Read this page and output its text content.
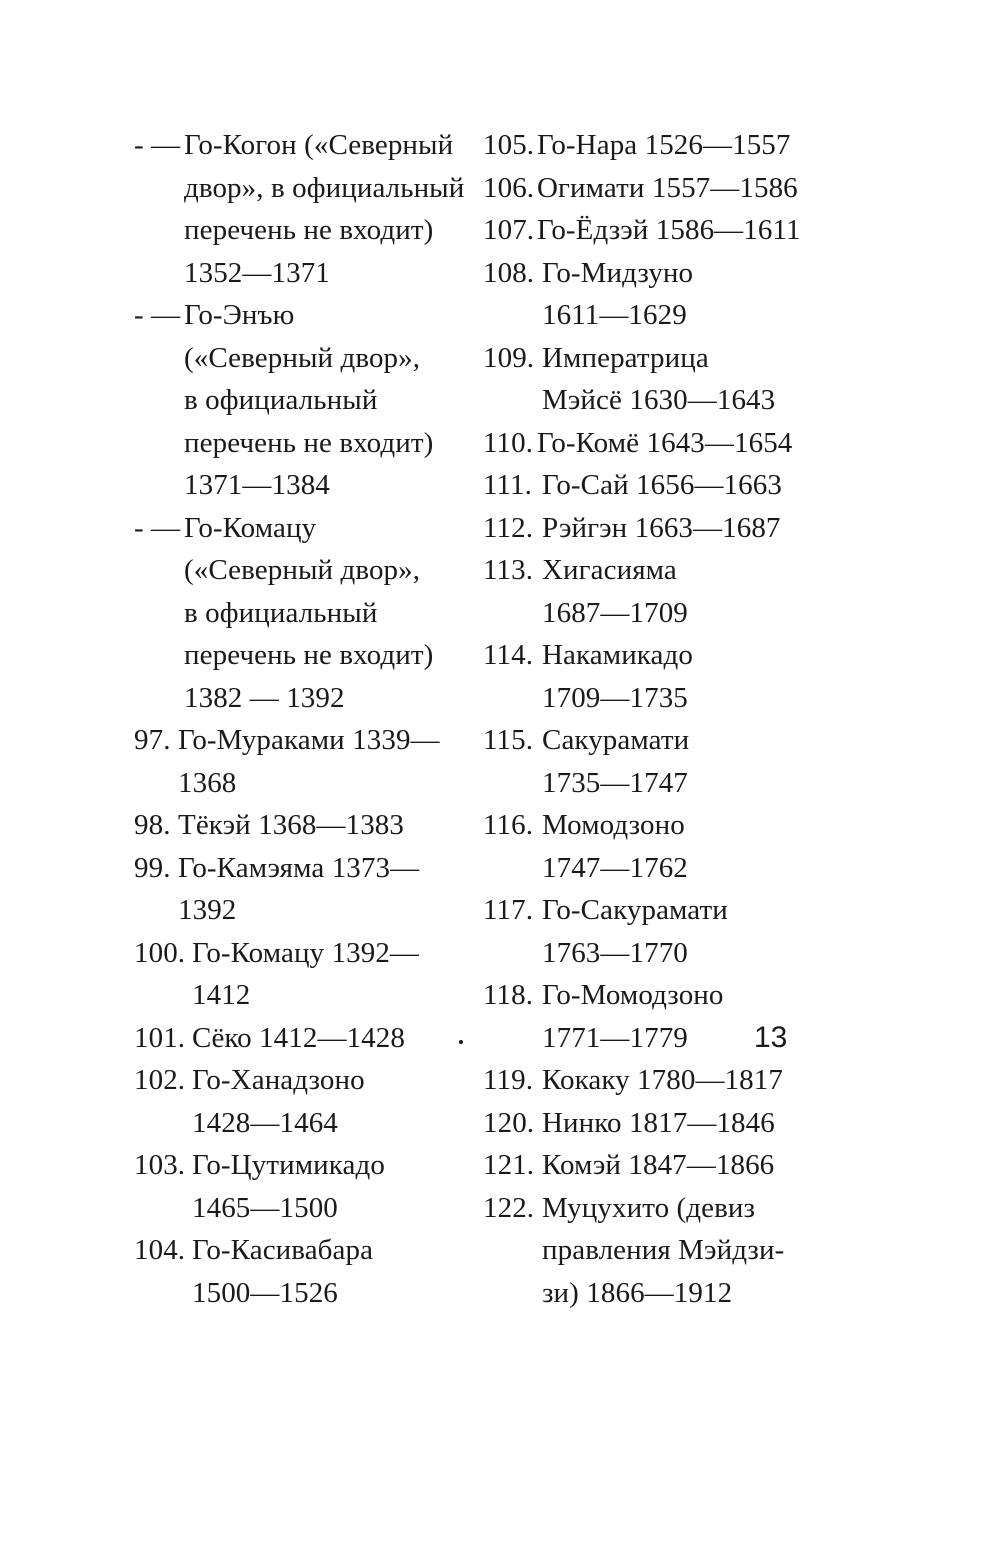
- — Го-Когон («Северный
двор», в официальный
перечень не входит)
1352—1371
- — Го-Энъю
(«Северный двор»,
в официальный
перечень не входит)
1371—1384
- — Го-Комацу
(«Северный двор»,
в официальный
перечень не входит)
1382 — 1392
97. Го-Мураками 1339—
1368
98. Тёкэй 1368—1383
99. Го-Камэяма 1373—
1392
100. Го-Комацу 1392—
1412
101. Сёко 1412—1428
102. Го-Ханадзоно
1428—1464
103. Го-Цутимикадо
1465—1500
104. Го-Касивабара
1500—1526
105. Го-Нара 1526—1557
106. Огимати 1557—1586
107. Го-Ёдзэй 1586—1611
108. Го-Мидзуно
1611—1629
109. Императрица
Мэйсё 1630—1643
110. Го-Комё 1643—1654
111. Го-Сай 1656—1663
112. Рэйгэн 1663—1687
113. Хигасияма
1687—1709
114. Накамикадо
1709—1735
115. Сакурамати
1735—1747
116. Момодзоно
1747—1762
117. Го-Сакурамати
1763—1770
118. Го-Момодзоно
1771—1779
119. Кокаку 1780—1817
120. Нинко 1817—1846
121. Комэй 1847—1866
122. Муцухито (девиз
правления Мэйдзи-
зи) 1866—1912
13
